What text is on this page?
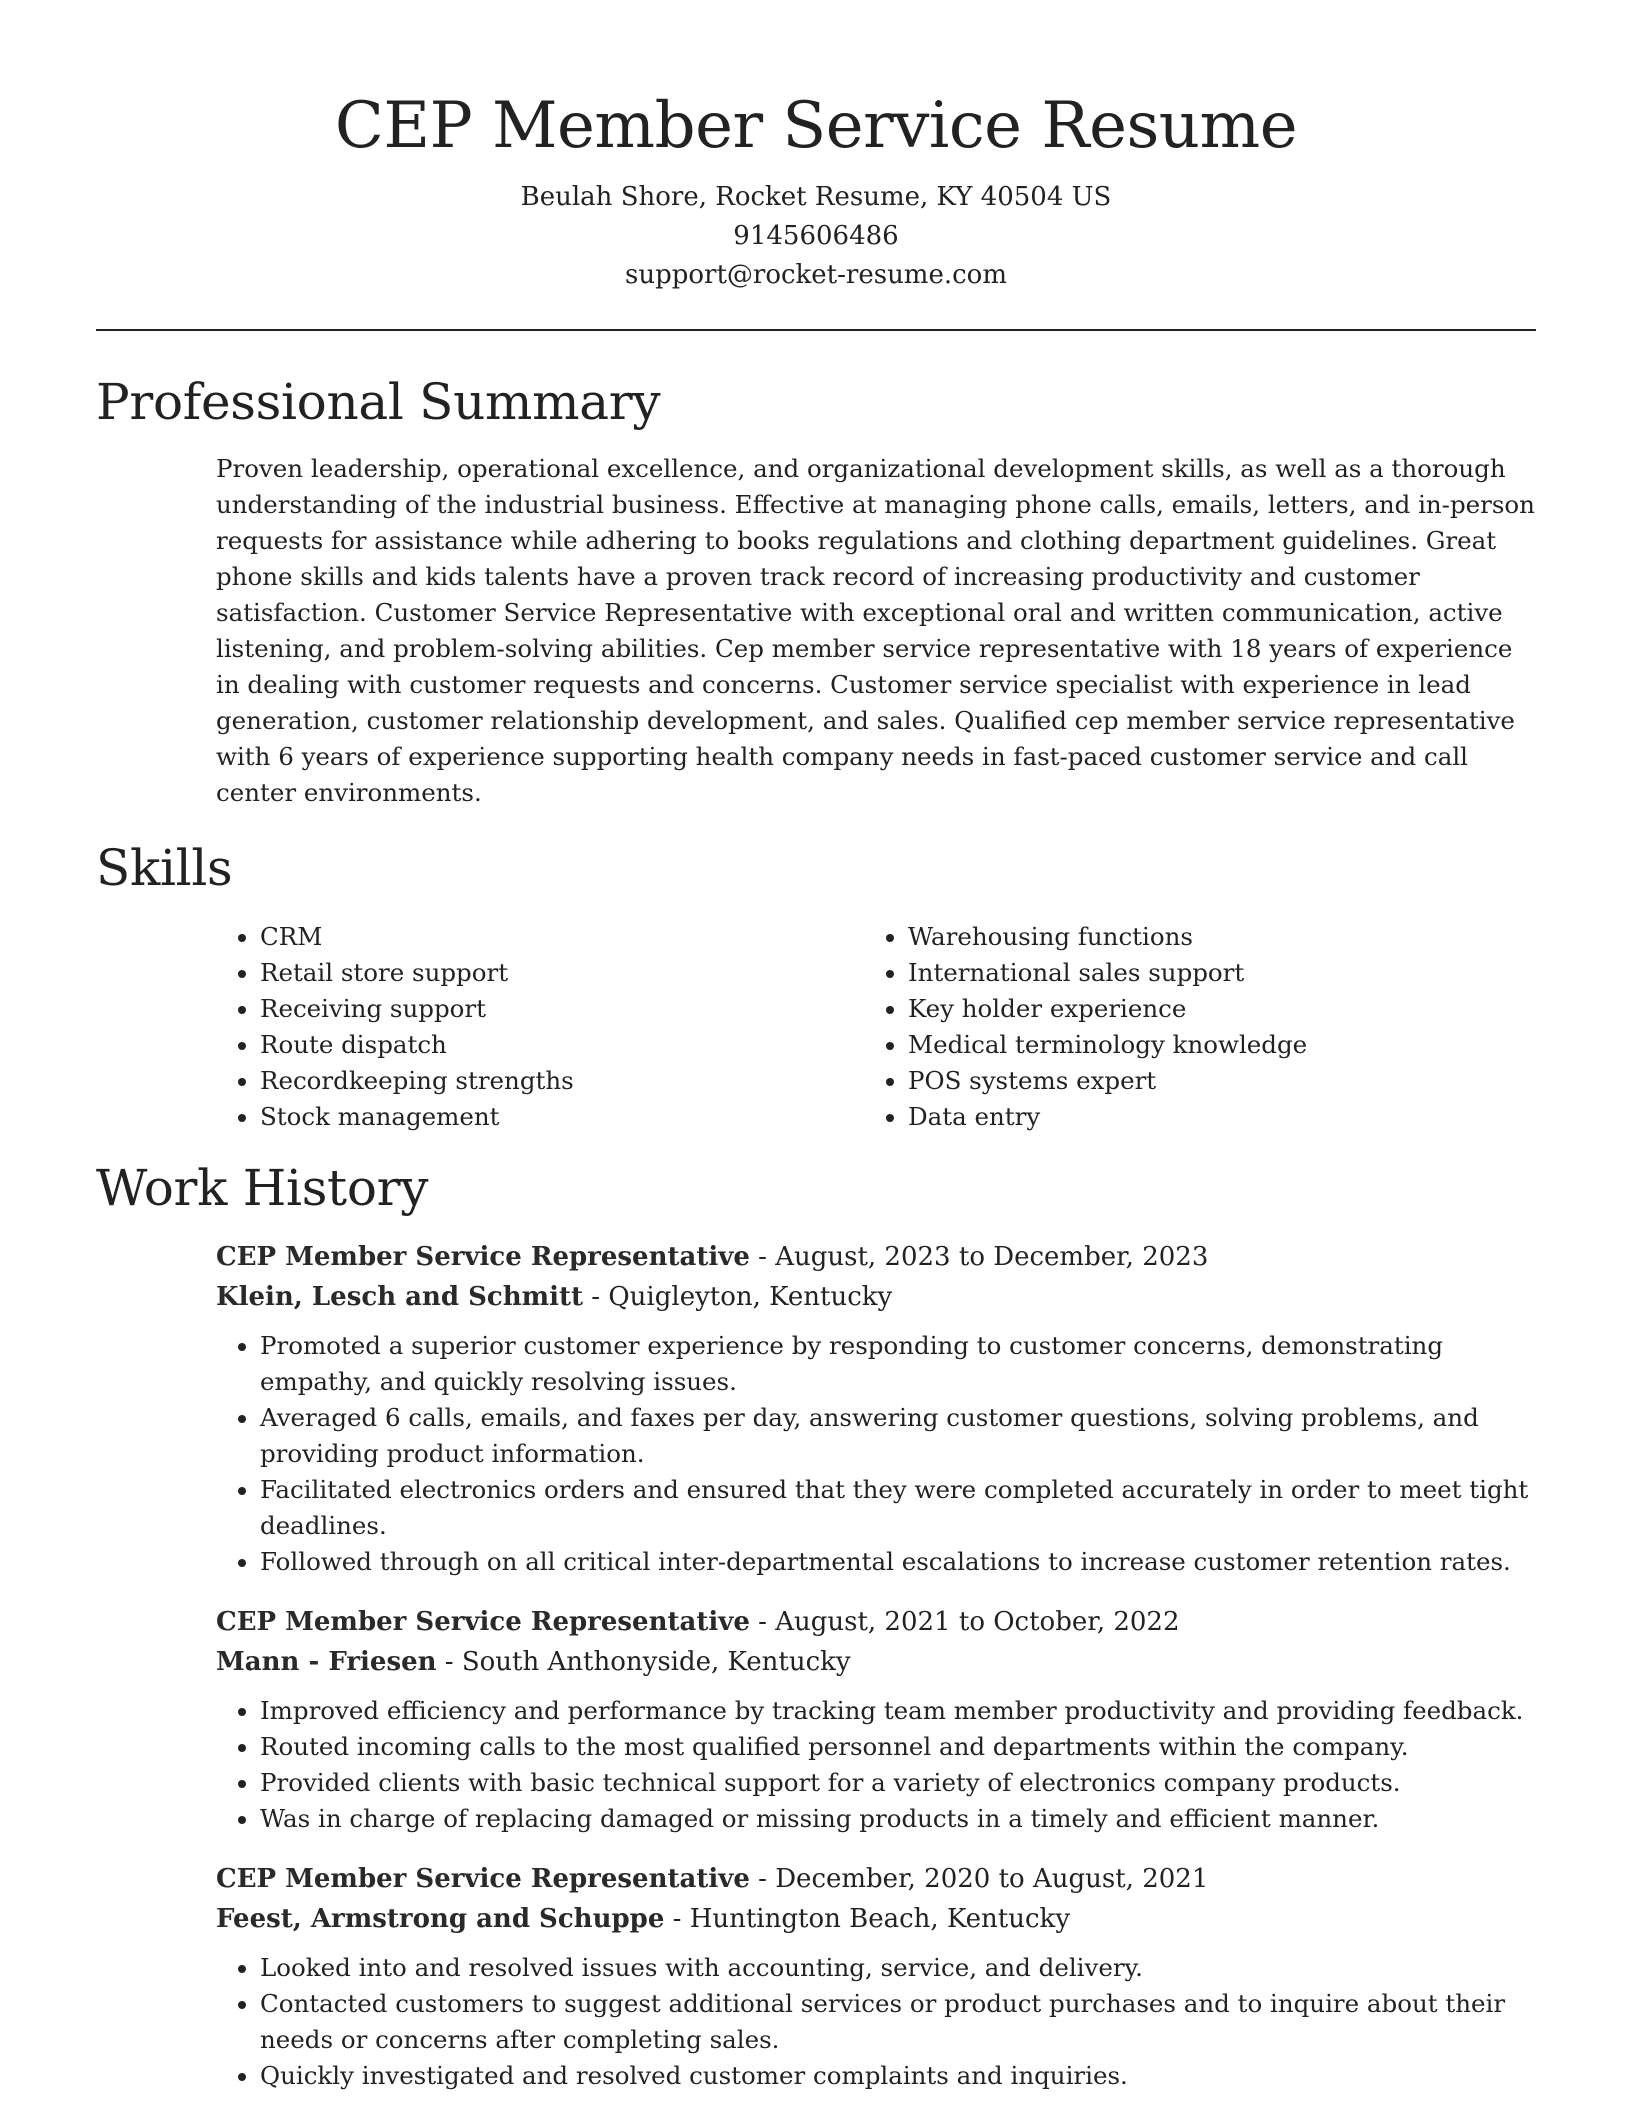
CEP Member Service Resume
Beulah Shore, Rocket Resume, KY 40504 US
9145606486
support@rocket-resume.com
Professional Summary

Proven leadership, operational excellence, and organizational development skills, as well as a thorough understanding of the industrial business. Effective at managing phone calls, emails, letters, and in-person requests for assistance while adhering to books regulations and clothing department guidelines. Great phone skills and kids talents have a proven track record of increasing productivity and customer satisfaction. Customer Service Representative with exceptional oral and written communication, active listening, and problem-solving abilities. Cep member service representative with 18 years of experience in dealing with customer requests and concerns. Customer service specialist with experience in lead generation, customer relationship development, and sales. Qualified cep member service representative with 6 years of experience supporting health company needs in fast-paced customer service and call center environments.

Skills
• CRM
• Retail store support
• Receiving support
• Route dispatch
• Recordkeeping strengths
• Stock management
• Warehousing functions
• International sales support
• Key holder experience
• Medical terminology knowledge
• POS systems expert
• Data entry
Work History
CEP Member Service Representative - August, 2023 to December, 2023
Klein, Lesch and Schmitt - Quigleyton, Kentucky
• Promoted a superior customer experience by responding to customer concerns, demonstrating empathy, and quickly resolving issues.
• Averaged 6 calls, emails, and faxes per day, answering customer questions, solving problems, and providing product information.
• Facilitated electronics orders and ensured that they were completed accurately in order to meet tight deadlines.
• Followed through on all critical inter-departmental escalations to increase customer retention rates.
CEP Member Service Representative - August, 2021 to October, 2022
Mann - Friesen - South Anthonyside, Kentucky
• Improved efficiency and performance by tracking team member productivity and providing feedback.
• Routed incoming calls to the most qualified personnel and departments within the company.
• Provided clients with basic technical support for a variety of electronics company products.
• Was in charge of replacing damaged or missing products in a timely and efficient manner.
CEP Member Service Representative - December, 2020 to August, 2021
Feest, Armstrong and Schuppe - Huntington Beach, Kentucky
• Looked into and resolved issues with accounting, service, and delivery.
• Contacted customers to suggest additional services or product purchases and to inquire about their needs or concerns after completing sales.
• Quickly investigated and resolved customer complaints and inquiries.
